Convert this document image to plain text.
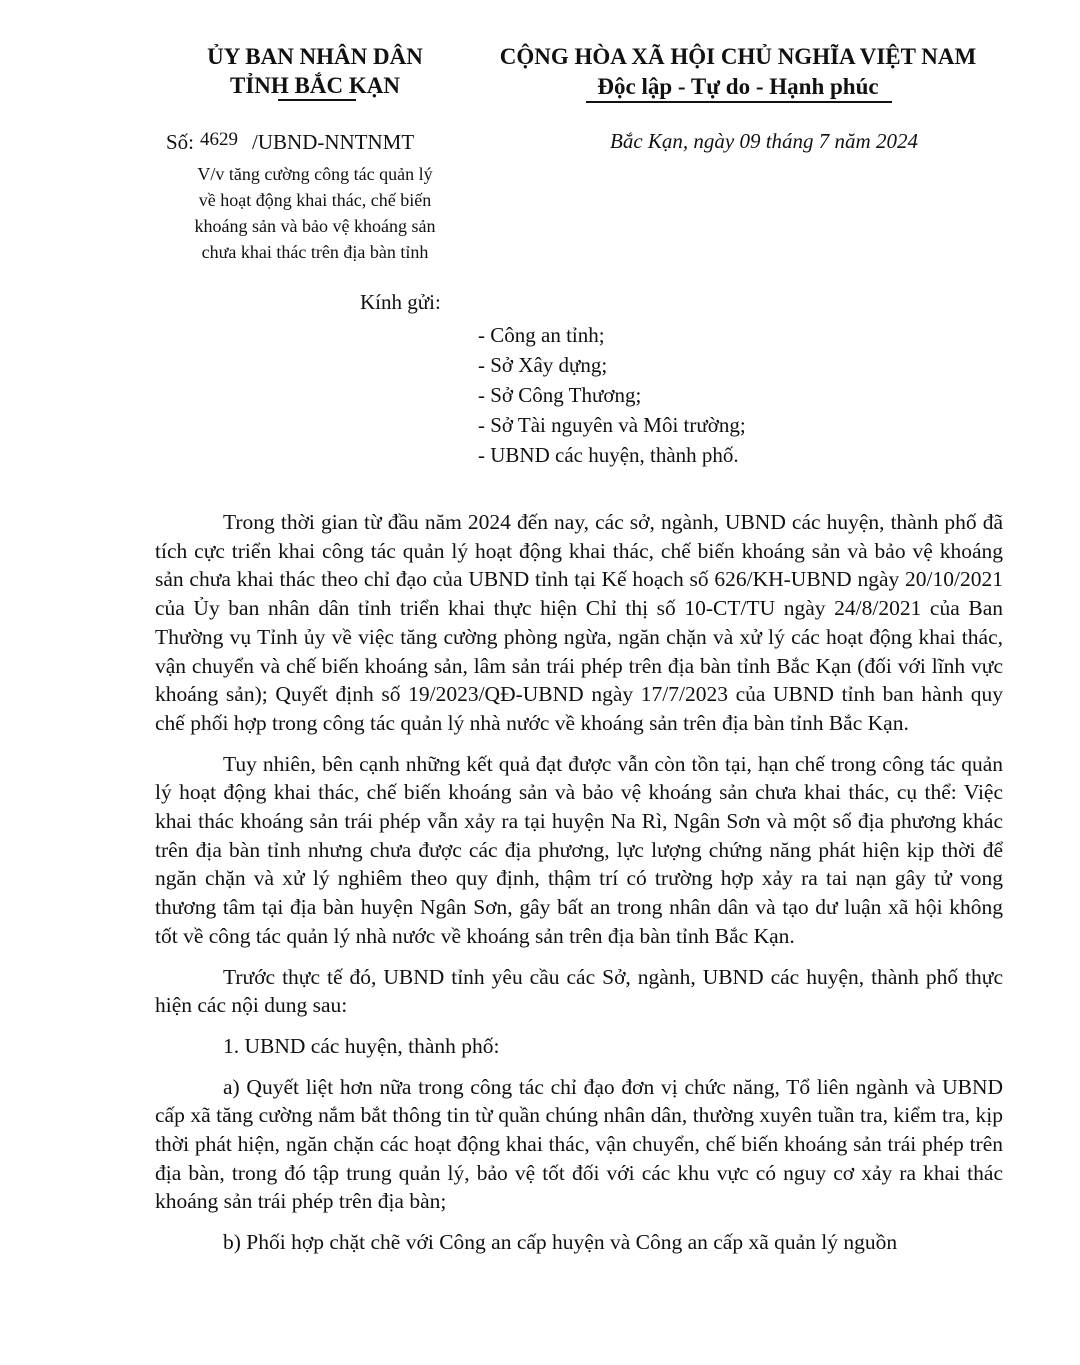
ỦY BAN NHÂN DÂN
TỈNH BẮC KẠN
CỘNG HÒA XÃ HỘI CHỦ NGHĨA VIỆT NAM
Độc lập - Tự do - Hạnh phúc
Số: 4629 /UBND-NNTNMT	Bắc Kạn, ngày 09 tháng 7 năm 2024
V/v tăng cường công tác quản lý
về hoạt động khai thác, chế biến
khoáng sản và bảo vệ khoáng sản
chưa khai thác trên địa bàn tỉnh
Kính gửi:
- Công an tỉnh;
- Sở Xây dựng;
- Sở Công Thương;
- Sở Tài nguyên và Môi trường;
- UBND các huyện, thành phố.

Trong thời gian từ đầu năm 2024 đến nay, các sở, ngành, UBND các huyện, thành phố đã tích cực triển khai công tác quản lý hoạt động khai thác, chế biến khoáng sản và bảo vệ khoáng sản chưa khai thác theo chỉ đạo của UBND tỉnh tại Kế hoạch số 626/KH-UBND ngày 20/10/2021 của Ủy ban nhân dân tỉnh triển khai thực hiện Chỉ thị số 10-CT/TU ngày 24/8/2021 của Ban Thường vụ Tỉnh ủy về việc tăng cường phòng ngừa, ngăn chặn và xử lý các hoạt động khai thác, vận chuyển và chế biến khoáng sản, lâm sản trái phép trên địa bàn tỉnh Bắc Kạn (đối với lĩnh vực khoáng sản); Quyết định số 19/2023/QĐ-UBND ngày 17/7/2023 của UBND tỉnh ban hành quy chế phối hợp trong công tác quản lý nhà nước về khoáng sản trên địa bàn tỉnh Bắc Kạn.

Tuy nhiên, bên cạnh những kết quả đạt được vẫn còn tồn tại, hạn chế trong công tác quản lý hoạt động khai thác, chế biến khoáng sản và bảo vệ khoáng sản chưa khai thác, cụ thể: Việc khai thác khoáng sản trái phép vẫn xảy ra tại huyện Na Rì, Ngân Sơn và một số địa phương khác trên địa bàn tỉnh nhưng chưa được các địa phương, lực lượng chứng năng phát hiện kịp thời để ngăn chặn và xử lý nghiêm theo quy định, thậm trí có trường hợp xảy ra tai nạn gây tử vong thương tâm tại địa bàn huyện Ngân Sơn, gây bất an trong nhân dân và tạo dư luận xã hội không tốt về công tác quản lý nhà nước về khoáng sản trên địa bàn tỉnh Bắc Kạn.

Trước thực tế đó, UBND tỉnh yêu cầu các Sở, ngành, UBND các huyện, thành phố thực hiện các nội dung sau:

1. UBND các huyện, thành phố:

a) Quyết liệt hơn nữa trong công tác chỉ đạo đơn vị chức năng, Tổ liên ngành và UBND cấp xã tăng cường nắm bắt thông tin từ quần chúng nhân dân, thường xuyên tuần tra, kiểm tra, kịp thời phát hiện, ngăn chặn các hoạt động khai thác, vận chuyển, chế biến khoáng sản trái phép trên địa bàn, trong đó tập trung quản lý, bảo vệ tốt đối với các khu vực có nguy cơ xảy ra khai thác khoáng sản trái phép trên địa bàn;

b) Phối hợp chặt chẽ với Công an cấp huyện và Công an cấp xã quản lý nguồn
